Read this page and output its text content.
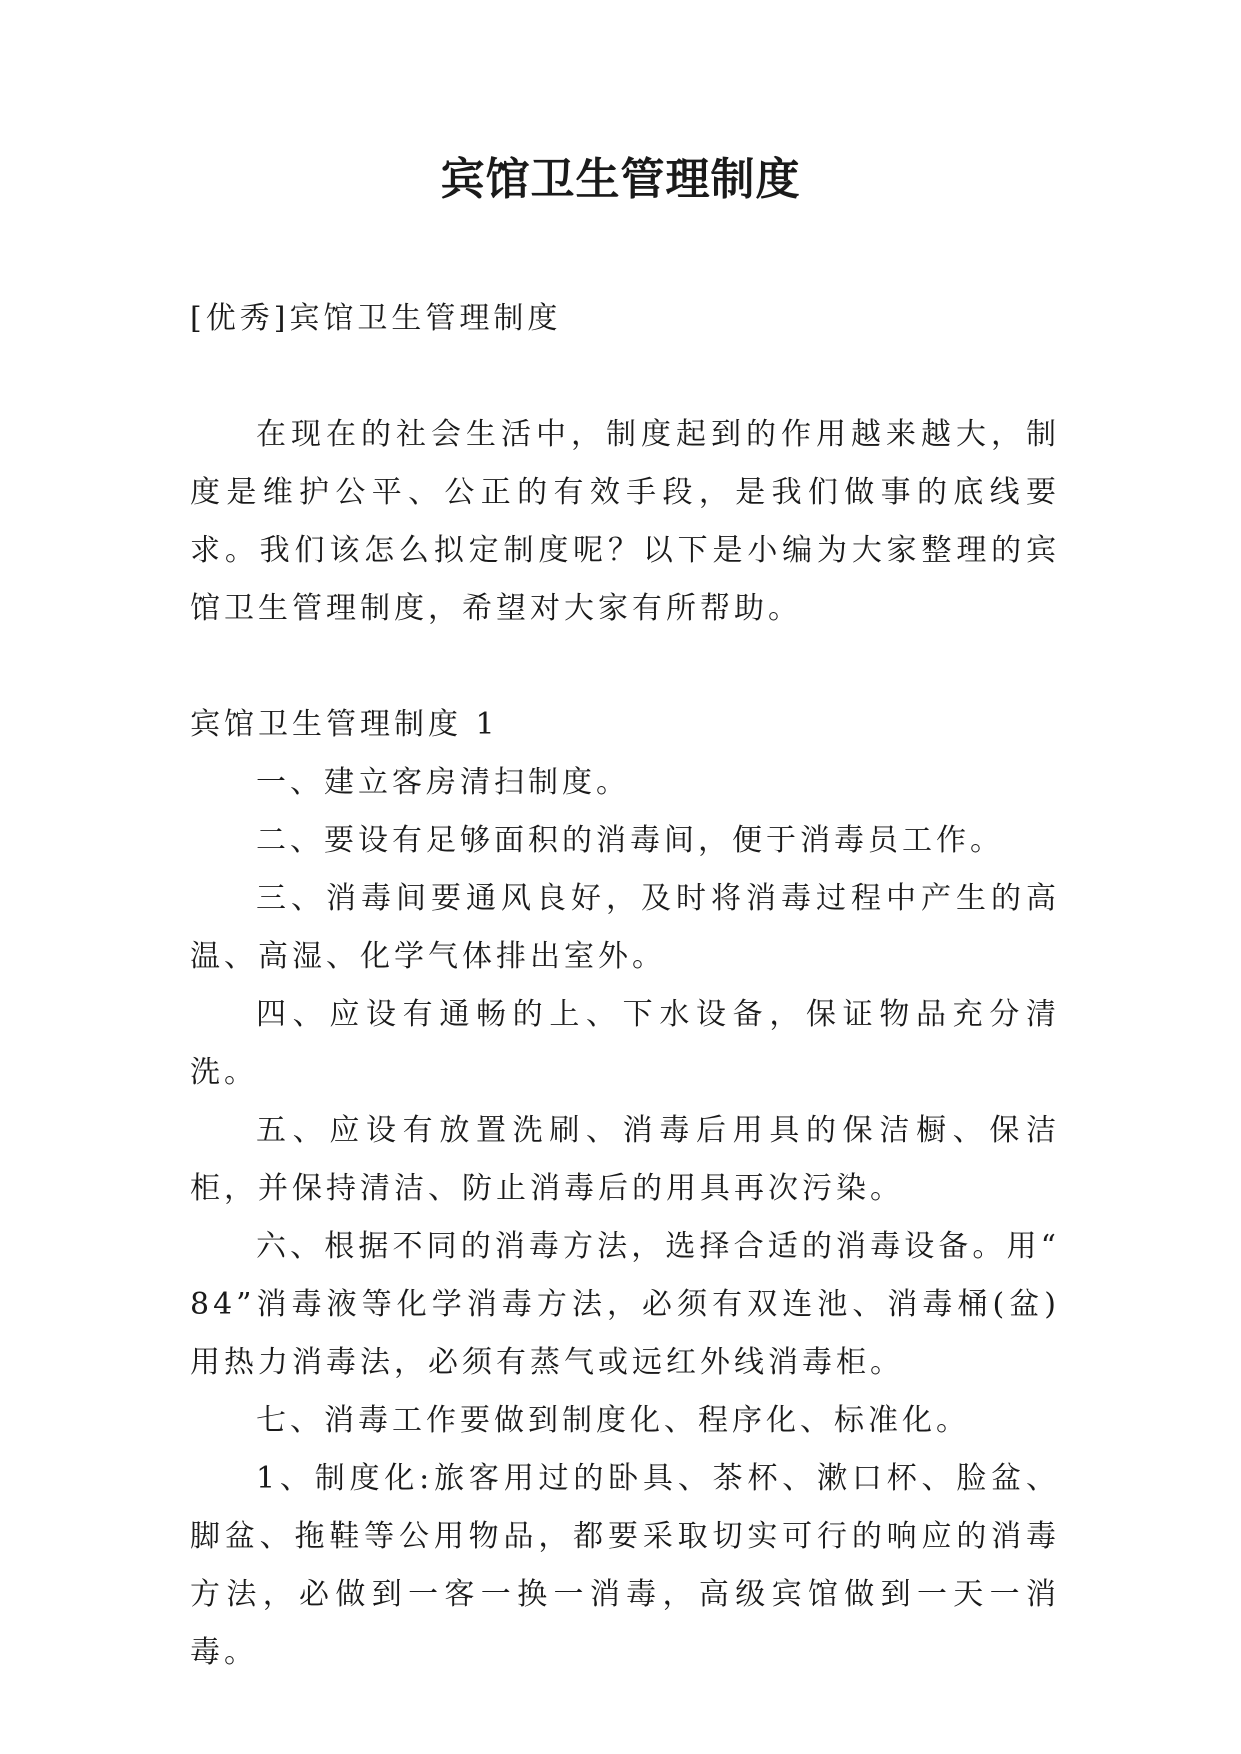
宾馆卫生管理制度

[优秀]宾馆卫生管理制度

在现在的社会生活中，制度起到的作用越来越大，制度是维护公平、公正的有效手段，是我们做事的底线要求。我们该怎么拟定制度呢？以下是小编为大家整理的宾馆卫生管理制度，希望对大家有所帮助。

宾馆卫生管理制度 1

一、建立客房清扫制度。

二、要设有足够面积的消毒间，便于消毒员工作。

三、消毒间要通风良好，及时将消毒过程中产生的高温、高湿、化学气体排出室外。

四、应设有通畅的上、下水设备，保证物品充分清洗。

五、应设有放置洗刷、消毒后用具的保洁橱、保洁柜，并保持清洁、防止消毒后的用具再次污染。

六、根据不同的消毒方法，选择合适的消毒设备。用“ 84”消毒液等化学消毒方法，必须有双连池、消毒桶(盆)用热力消毒法，必须有蒸气或远红外线消毒柜。

七、消毒工作要做到制度化、程序化、标准化。

1、制度化:旅客用过的卧具、茶杯、漱口杯、脸盆、脚盆、拖鞋等公用物品，都要采取切实可行的响应的消毒方法，必做到一客一换一消毒，高级宾馆做到一天一消毒。
